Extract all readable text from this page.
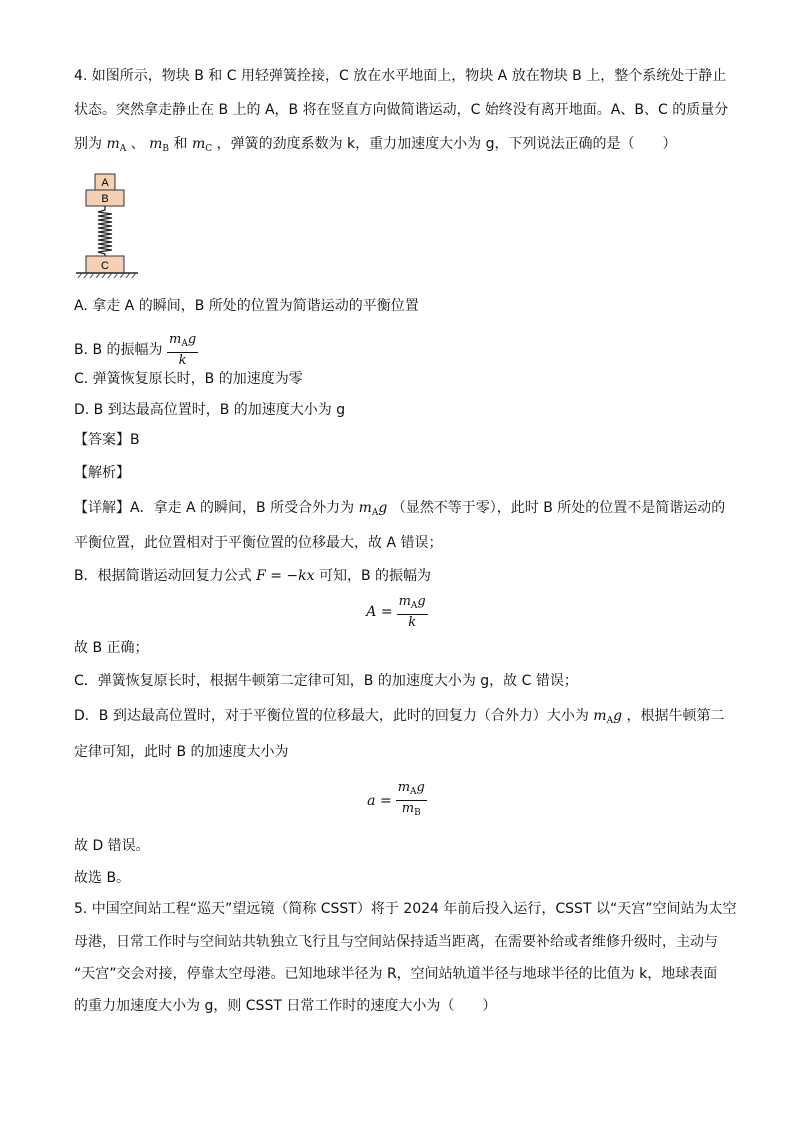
4. 如图所示，物块 B 和 C 用轻弹簧拴接，C 放在水平地面上，物块 A 放在物块 B 上，整个系统处于静止
状态。突然拿走静止在 B 上的 A，B 将在竖直方向做简谐运动，C 始终没有离开地面。A、B、C 的质量分
别为 $m_A$ 、 $m_B$ 和 $m_C$ ，弹簧的劲度系数为 k，重力加速度大小为 g，下列说法正确的是（　　）
A
B
C
A. 拿走 A 的瞬间，B 所处的位置为简谐运动的平衡位置
B. B 的振幅为 $\frac{m_Ag}{k}$
C. 弹簧恢复原长时，B 的加速度为零
D. B 到达最高位置时，B 的加速度大小为 g
【答案】B
【解析】
【详解】A．拿走 A 的瞬间，B 所受合外力为 $m_Ag$ （显然不等于零），此时 B 所处的位置不是简谐运动的
平衡位置，此位置相对于平衡位置的位移最大，故 A 错误；
B．根据简谐运动回复力公式 F = −kx 可知，B 的振幅为
$A = \frac{m_Ag}{k}$
故 B 正确；
C．弹簧恢复原长时，根据牛顿第二定律可知，B 的加速度大小为 g，故 C 错误；
D．B 到达最高位置时，对于平衡位置的位移最大，此时的回复力（合外力）大小为 $m_Ag$ ，根据牛顿第二
定律可知，此时 B 的加速度大小为
$a = \frac{m_Ag}{m_B}$
故 D 错误。
故选 B。
5. 中国空间站工程“巡天”望远镜（简称 CSST）将于 2024 年前后投入运行，CSST 以“天宫”空间站为太空
母港，日常工作时与空间站共轨独立飞行且与空间站保持适当距离，在需要补给或者维修升级时，主动与
“天宫”交会对接，停靠太空母港。已知地球半径为 R，空间站轨道半径与地球半径的比值为 k，地球表面
的重力加速度大小为 g，则 CSST 日常工作时的速度大小为（　　）
